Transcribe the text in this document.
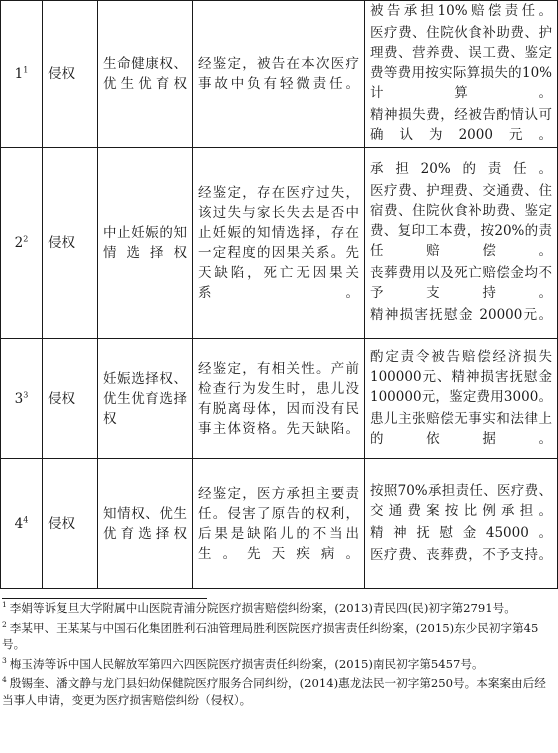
1$^1$	侵权	生命健康权、优生优育权	经鉴定，被告在本次医疗事故中负有轻微责任。	被告承担10%赔偿责任。
医疗费、住院伙食补助费、护理费、营养费、误工费、鉴定费等费用按实际算损失的10%计算。
精神损失费，经被告酌情认可确认为2000元。

2$^2$	侵权	中止妊娠的知情选择权	经鉴定，存在医疗过失，该过失与家长失去是否中止妊娠的知情选择，存在一定程度的因果关系。先天缺陷，死亡无因果关系。	承担20%的责任。
医疗费、护理费、交通费、住宿费、住院伙食补助费、鉴定费、复印工本费，按20%的责任赔偿。
丧葬费用以及死亡赔偿金均不予支持。
精神损害抚慰金 20000元。

3$^3$	侵权	妊娠选择权、优生优育选择权	经鉴定，有相关性。产前检查行为发生时，患儿没有脱离母体，因而没有民事主体资格。先天缺陷。	酌定责令被告赔偿经济损失100000元、精神损害抚慰金100000元，鉴定费用3000。
患儿主张赔偿无事实和法律上的依据。

4$^4$	侵权	知情权、优生优育选择权	经鉴定，医方承担主要责任。侵害了原告的权利，后果是缺陷儿的不当出生。先天疾病。	按照70%承担责任、医疗费、交通费案按比例承担。
精神抚慰金45000。
医疗费、丧葬费，不予支持。
$^1$ 李娟等诉复旦大学附属中山医院青浦分院医疗损害赔偿纠纷案，(2013)青民四(民)初字第2791号。
$^2$ 李某甲、王某某与中国石化集团胜利石油管理局胜利医院医疗损害责任纠纷案，(2015)东少民初字第45号。
$^3$ 梅玉涛等诉中国人民解放军第四六四医院医疗损害责任纠纷案，(2015)南民初字第5457号。
$^4$ 殷锡奎、潘文静与龙门县妇幼保健院医疗服务合同纠纷，(2014)惠龙法民一初字第250号。本案案由后经当事人申请，变更为医疗损害赔偿纠纷（侵权）。
